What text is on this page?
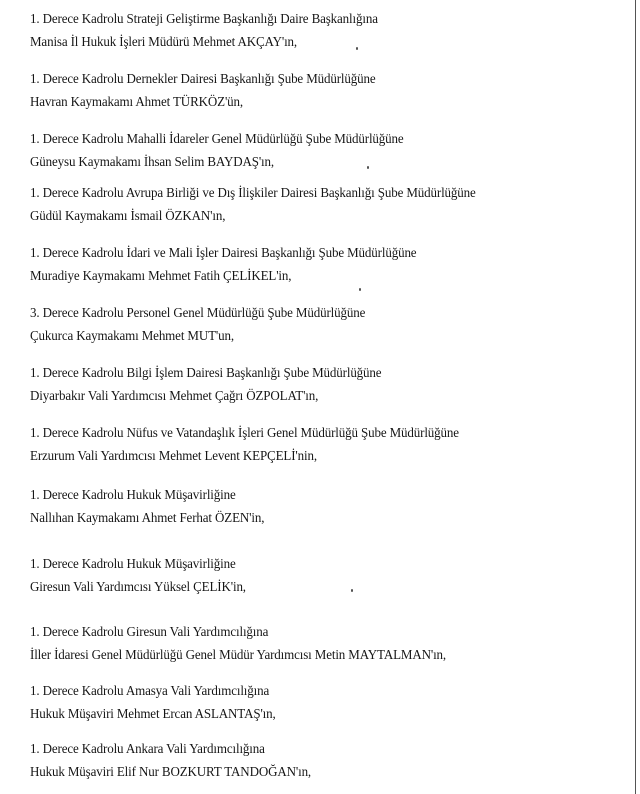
1. Derece Kadrolu Strateji Geliştirme Başkanlığı Daire Başkanlığına
Manisa İl Hukuk İşleri Müdürü Mehmet AKÇAY'ın,
1. Derece Kadrolu Dernekler Dairesi Başkanlığı Şube Müdürlüğüne
Havran Kaymakamı Ahmet TÜRKÖZ'ün,
1. Derece Kadrolu Mahalli İdareler Genel Müdürlüğü Şube Müdürlüğüne
Güneysu Kaymakamı İhsan Selim BAYDAŞ'ın,
1. Derece Kadrolu Avrupa Birliği ve Dış İlişkiler Dairesi Başkanlığı Şube Müdürlüğüne
Güdül Kaymakamı İsmail ÖZKAN'ın,
1. Derece Kadrolu İdari ve Mali İşler Dairesi Başkanlığı Şube Müdürlüğüne
Muradiye Kaymakamı Mehmet Fatih ÇELİKEL'in,
3. Derece Kadrolu Personel Genel Müdürlüğü Şube Müdürlüğüne
Çukurca Kaymakamı Mehmet MUT'un,
1. Derece Kadrolu Bilgi İşlem Dairesi Başkanlığı Şube Müdürlüğüne
Diyarbakır Vali Yardımcısı Mehmet Çağrı ÖZPOLAT'ın,
1. Derece Kadrolu Nüfus ve Vatandaşlık İşleri Genel Müdürlüğü Şube Müdürlüğüne
Erzurum Vali Yardımcısı Mehmet Levent KEPÇELİ'nin,
1. Derece Kadrolu Hukuk Müşavirliğine
Nallıhan Kaymakamı Ahmet Ferhat ÖZEN'in,
1. Derece Kadrolu Hukuk Müşavirliğine
Giresun Vali Yardımcısı Yüksel ÇELİK'in,
1. Derece Kadrolu Giresun Vali Yardımcılığına
İller İdaresi Genel Müdürlüğü Genel Müdür Yardımcısı Metin MAYTALMAN'ın,
1. Derece Kadrolu Amasya Vali Yardımcılığına
Hukuk Müşaviri Mehmet Ercan ASLANTAŞ'ın,
1. Derece Kadrolu Ankara Vali Yardımcılığına
Hukuk Müşaviri Elif Nur BOZKURT TANDOĞAN'ın,
